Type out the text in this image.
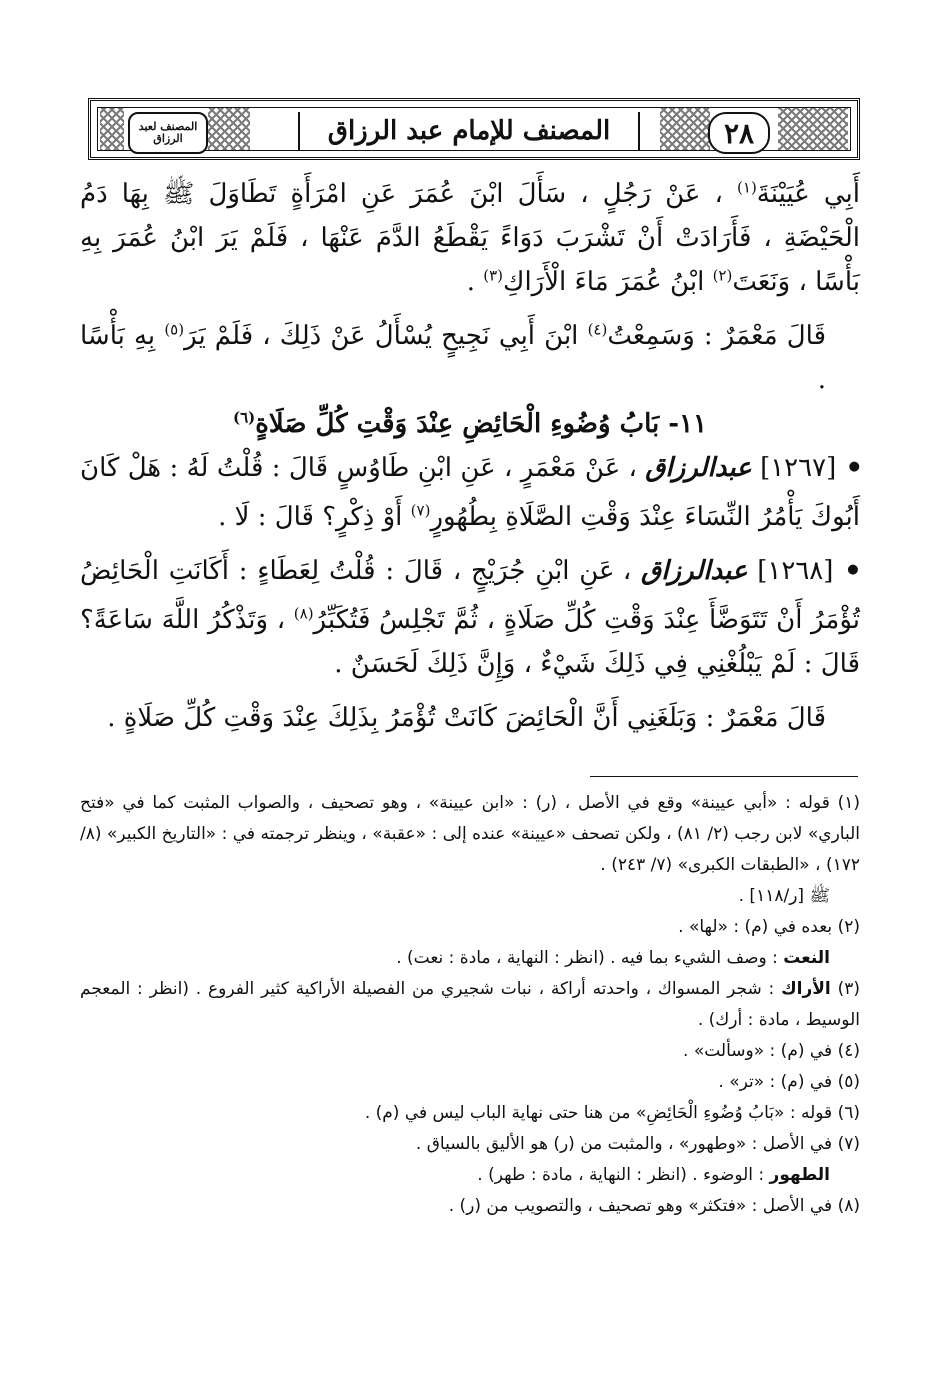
المصنف لعبد الرزاق	المصنف للإمام عبد الرزاق	٢٨

أَبِي عُيَيْنَةَ$^{(١)}$ ، عَنْ رَجُلٍ ، سَأَلَ ابْنَ عُمَرَ عَنِ امْرَأَةٍ تَطَاوَلَ ﷺ بِهَا دَمُ الْحَيْضَةِ ، فَأَرَادَتْ أَنْ تَشْرَبَ دَوَاءً يَقْطَعُ الدَّمَ عَنْهَا ، فَلَمْ يَرَ ابْنُ عُمَرَ بِهِ بَأْسًا ، وَنَعَتَ$^{(٢)}$ ابْنُ عُمَرَ مَاءَ الْأَرَاكِ$^{(٣)}$ .

قَالَ مَعْمَرٌ : وَسَمِعْتُ$^{(٤)}$ ابْنَ أَبِي نَجِيحٍ يُسْأَلُ عَنْ ذَلِكَ ، فَلَمْ يَرَ$^{(٥)}$ بِهِ بَأْسًا .

١١- بَابُ وُضُوءِ الْحَائِضِ عِنْدَ وَقْتِ كُلِّ صَلَاةٍ$^{(٦)}$

● [١٢٦٧] عبدالرزاق ، عَنْ مَعْمَرٍ ، عَنِ ابْنِ طَاوُسٍ قَالَ : قُلْتُ لَهُ : هَلْ كَانَ أَبُوكَ يَأْمُرُ النِّسَاءَ عِنْدَ وَقْتِ الصَّلَاةِ بِطُهُورٍ$^{(٧)}$ أَوْ ذِكْرٍ؟ قَالَ : لَا .

● [١٢٦٨] عبدالرزاق ، عَنِ ابْنِ جُرَيْجٍ ، قَالَ : قُلْتُ لِعَطَاءٍ : أَكَانَتِ الْحَائِضُ تُؤْمَرُ أَنْ تَتَوَضَّأَ عِنْدَ وَقْتِ كُلِّ صَلَاةٍ ، ثُمَّ تَجْلِسُ فَتُكَبِّرُ$^{(٨)}$ ، وَتَذْكُرُ اللَّهَ سَاعَةً؟ قَالَ : لَمْ يَبْلُغْنِي فِي ذَلِكَ شَيْءٌ ، وَإِنَّ ذَلِكَ لَحَسَنٌ .

قَالَ مَعْمَرٌ : وَبَلَغَنِي أَنَّ الْحَائِضَ كَانَتْ تُؤْمَرُ بِذَلِكَ عِنْدَ وَقْتِ كُلِّ صَلَاةٍ .

(١) قوله : «أبي عيينة» وقع في الأصل ، (ر) : «ابن عيينة» ، وهو تصحيف ، والصواب المثبت كما في «فتح الباري» لابن رجب (٢/ ٨١) ، ولكن تصحف «عيينة» عنده إلى : «عقبة» ، وينظر ترجمته في : «التاريخ الكبير» (٨/ ١٧٢) ، «الطبقات الكبرى» (٧/ ٢٤٣) .

ﷺ [ر/١١٨] .

(٢) بعده في (م) : «لها» .

النعت : وصف الشيء بما فيه . (انظر : النهاية ، مادة : نعت) .

(٣) الأراك : شجر المسواك ، واحدته أراكة ، نبات شجيري من الفصيلة الأراكية كثير الفروع . (انظر : المعجم الوسيط ، مادة : أرك) .

(٤) في (م) : «وسألت» .

(٥) في (م) : «تر» .

(٦) قوله : «بَابُ وُضُوءِ الْحَائِضِ» من هنا حتى نهاية الباب ليس في (م) .

(٧) في الأصل : «وطهور» ، والمثبت من (ر) هو الأليق بالسياق .

الطهور : الوضوء . (انظر : النهاية ، مادة : طهر) .

(٨) في الأصل : «فتكثر» وهو تصحيف ، والتصويب من (ر) .
